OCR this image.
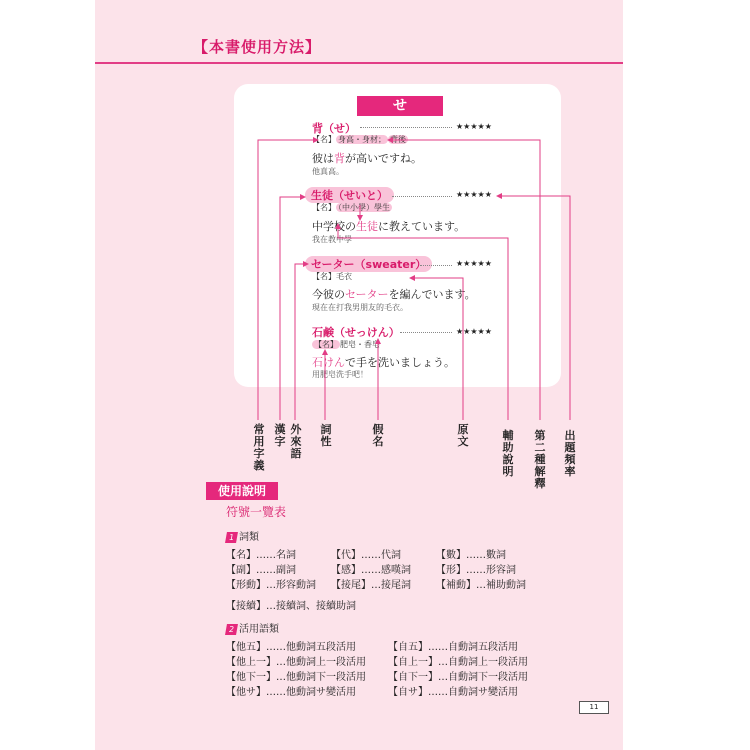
【本書使用方法】
せ
背（せ）	★★★★★
【名】 身高・身材； 背後
彼は背が高いですね。
他真高。
生徒（せいと）	★★★★★
【名】 （中小學）學生
中学校の生徒に教えています。
我在教中學
セーター（sweater）	★★★★★
【名】毛衣
今彼のセーターを編んでいます。
現在在打我男朋友的毛衣。
石鹸（せっけん）	★★★★★
【名】 肥皂・香皂
石けんで手を洗いましょう。
用肥皂洗手吧！
常用字義
漢字
外來語
詞性
假名
原文	輔助說明
第二種解釋
出題頻率
使用說明
符號一覽表
1 詞類
【名】……名詞	【代】……代詞	【數】……數詞
【副】……副詞	【感】……感嘆詞	【形】……形容詞
【形動】…形容動詞 【接尾】…接尾詞	【補動】…補助動詞
【接續】…接續詞、接續助詞
2 活用語類
【他五】……他動詞五段活用	【自五】……自動詞五段活用
【他上一】…他動詞上一段活用 【自上一】…自動詞上一段活用
【他下一】…他動詞下一段活用 【自下一】…自動詞下一段活用
【他サ】……他動詞サ變活用	【自サ】……自動詞サ變活用
11
